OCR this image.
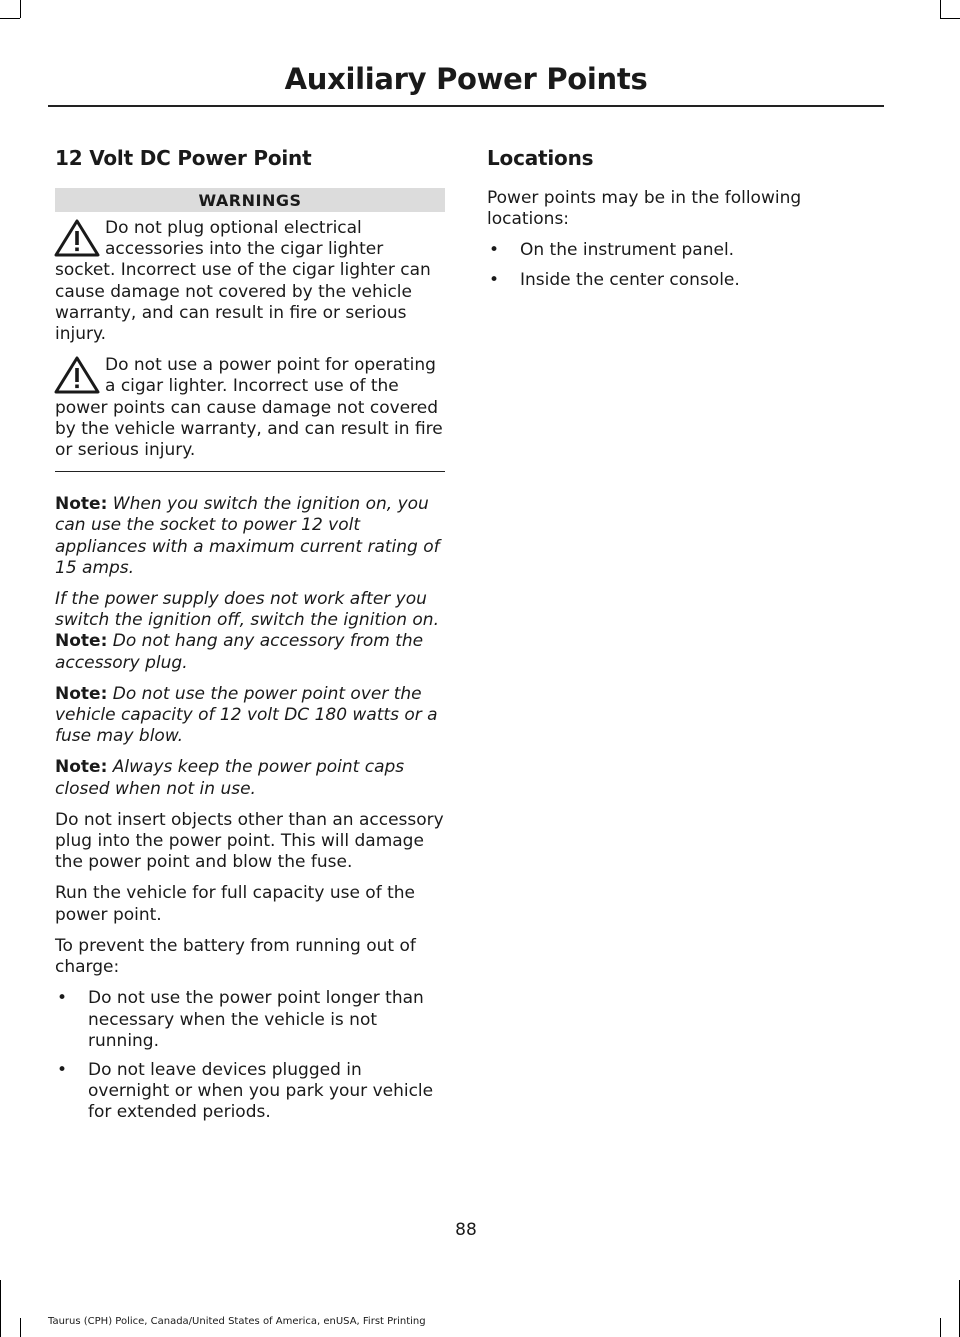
Auxiliary Power Points
12 Volt DC Power Point
WARNINGS
Do not plug optional electrical accessories into the cigar lighter socket. Incorrect use of the cigar lighter can cause damage not covered by the vehicle warranty, and can result in fire or serious injury.
Do not use a power point for operating a cigar lighter. Incorrect use of the power points can cause damage not covered by the vehicle warranty, and can result in fire or serious injury.

Note: When you switch the ignition on, you can use the socket to power 12 volt appliances with a maximum current rating of 15 amps.

If the power supply does not work after you switch the ignition off, switch the ignition on.

Note: Do not hang any accessory from the accessory plug.

Note: Do not use the power point over the vehicle capacity of 12 volt DC 180 watts or a fuse may blow.

Note: Always keep the power point caps closed when not in use.

Do not insert objects other than an accessory plug into the power point. This will damage the power point and blow the fuse.

Run the vehicle for full capacity use of the power point.

To prevent the battery from running out of charge:

• Do not use the power point longer than necessary when the vehicle is not running.
• Do not leave devices plugged in overnight or when you park your vehicle for extended periods.
Locations

Power points may be in the following locations:

• On the instrument panel.
• Inside the center console.
88
Taurus (CPH) Police, Canada/United States of America, enUSA, First Printing
